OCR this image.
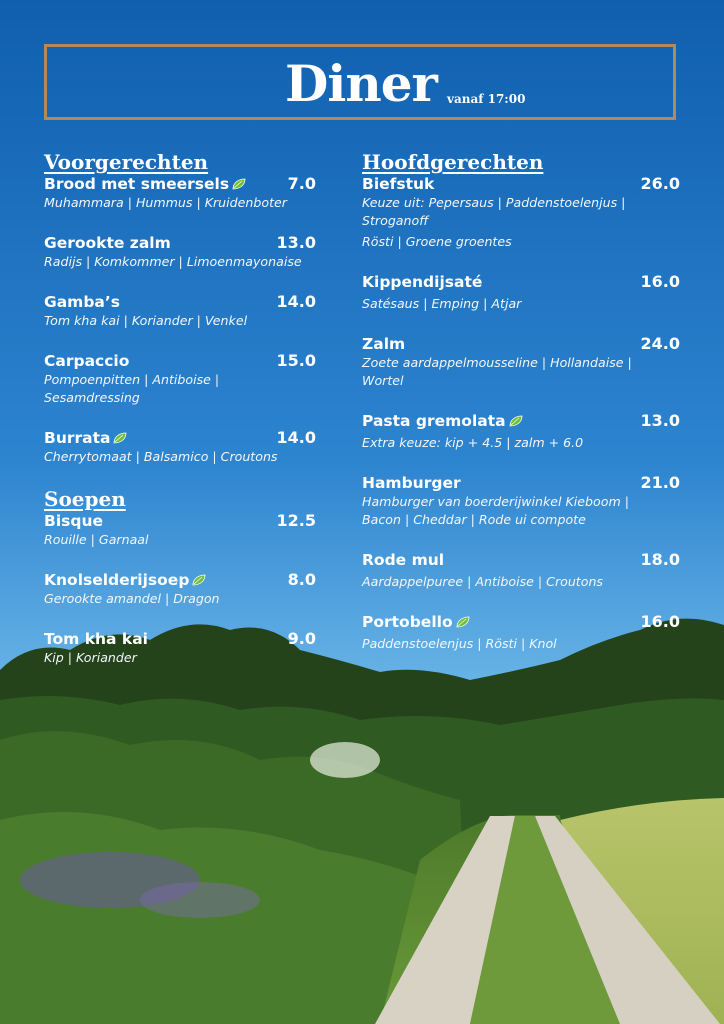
Diner vanaf 17:00
Voorgerechten
Brood met smeersels	7.0
Muhammara | Hummus | Kruidenboter
Gerookte zalm	13.0
Radijs | Komkommer | Limoenmayonaise
Gamba’s	14.0
Tom kha kai | Koriander | Venkel
Carpaccio	15.0
Pompoenpitten | Antiboise | Sesamdressing
Burrata	14.0
Cherrytomaat | Balsamico | Croutons
Soepen
Bisque	12.5
Rouille | Garnaal
Knolselderijsoep	8.0
Gerookte amandel | Dragon
Tom kha kai	9.0
Kip | Koriander
Hoofdgerechten
Biefstuk	26.0
Keuze uit: Pepersaus | Paddenstoelenjus | Stroganoff
Rösti | Groene groentes
Kippendijsaté	16.0
Satésaus | Emping | Atjar
Zalm	24.0
Zoete aardappelmousseline | Hollandaise | Wortel
Pasta gremolata	13.0
Extra keuze: kip + 4.5 | zalm + 6.0
Hamburger	21.0
Hamburger van boerderijwinkel Kieboom | Bacon | Cheddar | Rode ui compote
Rode mul	18.0
Aardappelpuree | Antiboise | Croutons
Portobello	16.0
Paddenstoelenjus | Rösti | Knol
